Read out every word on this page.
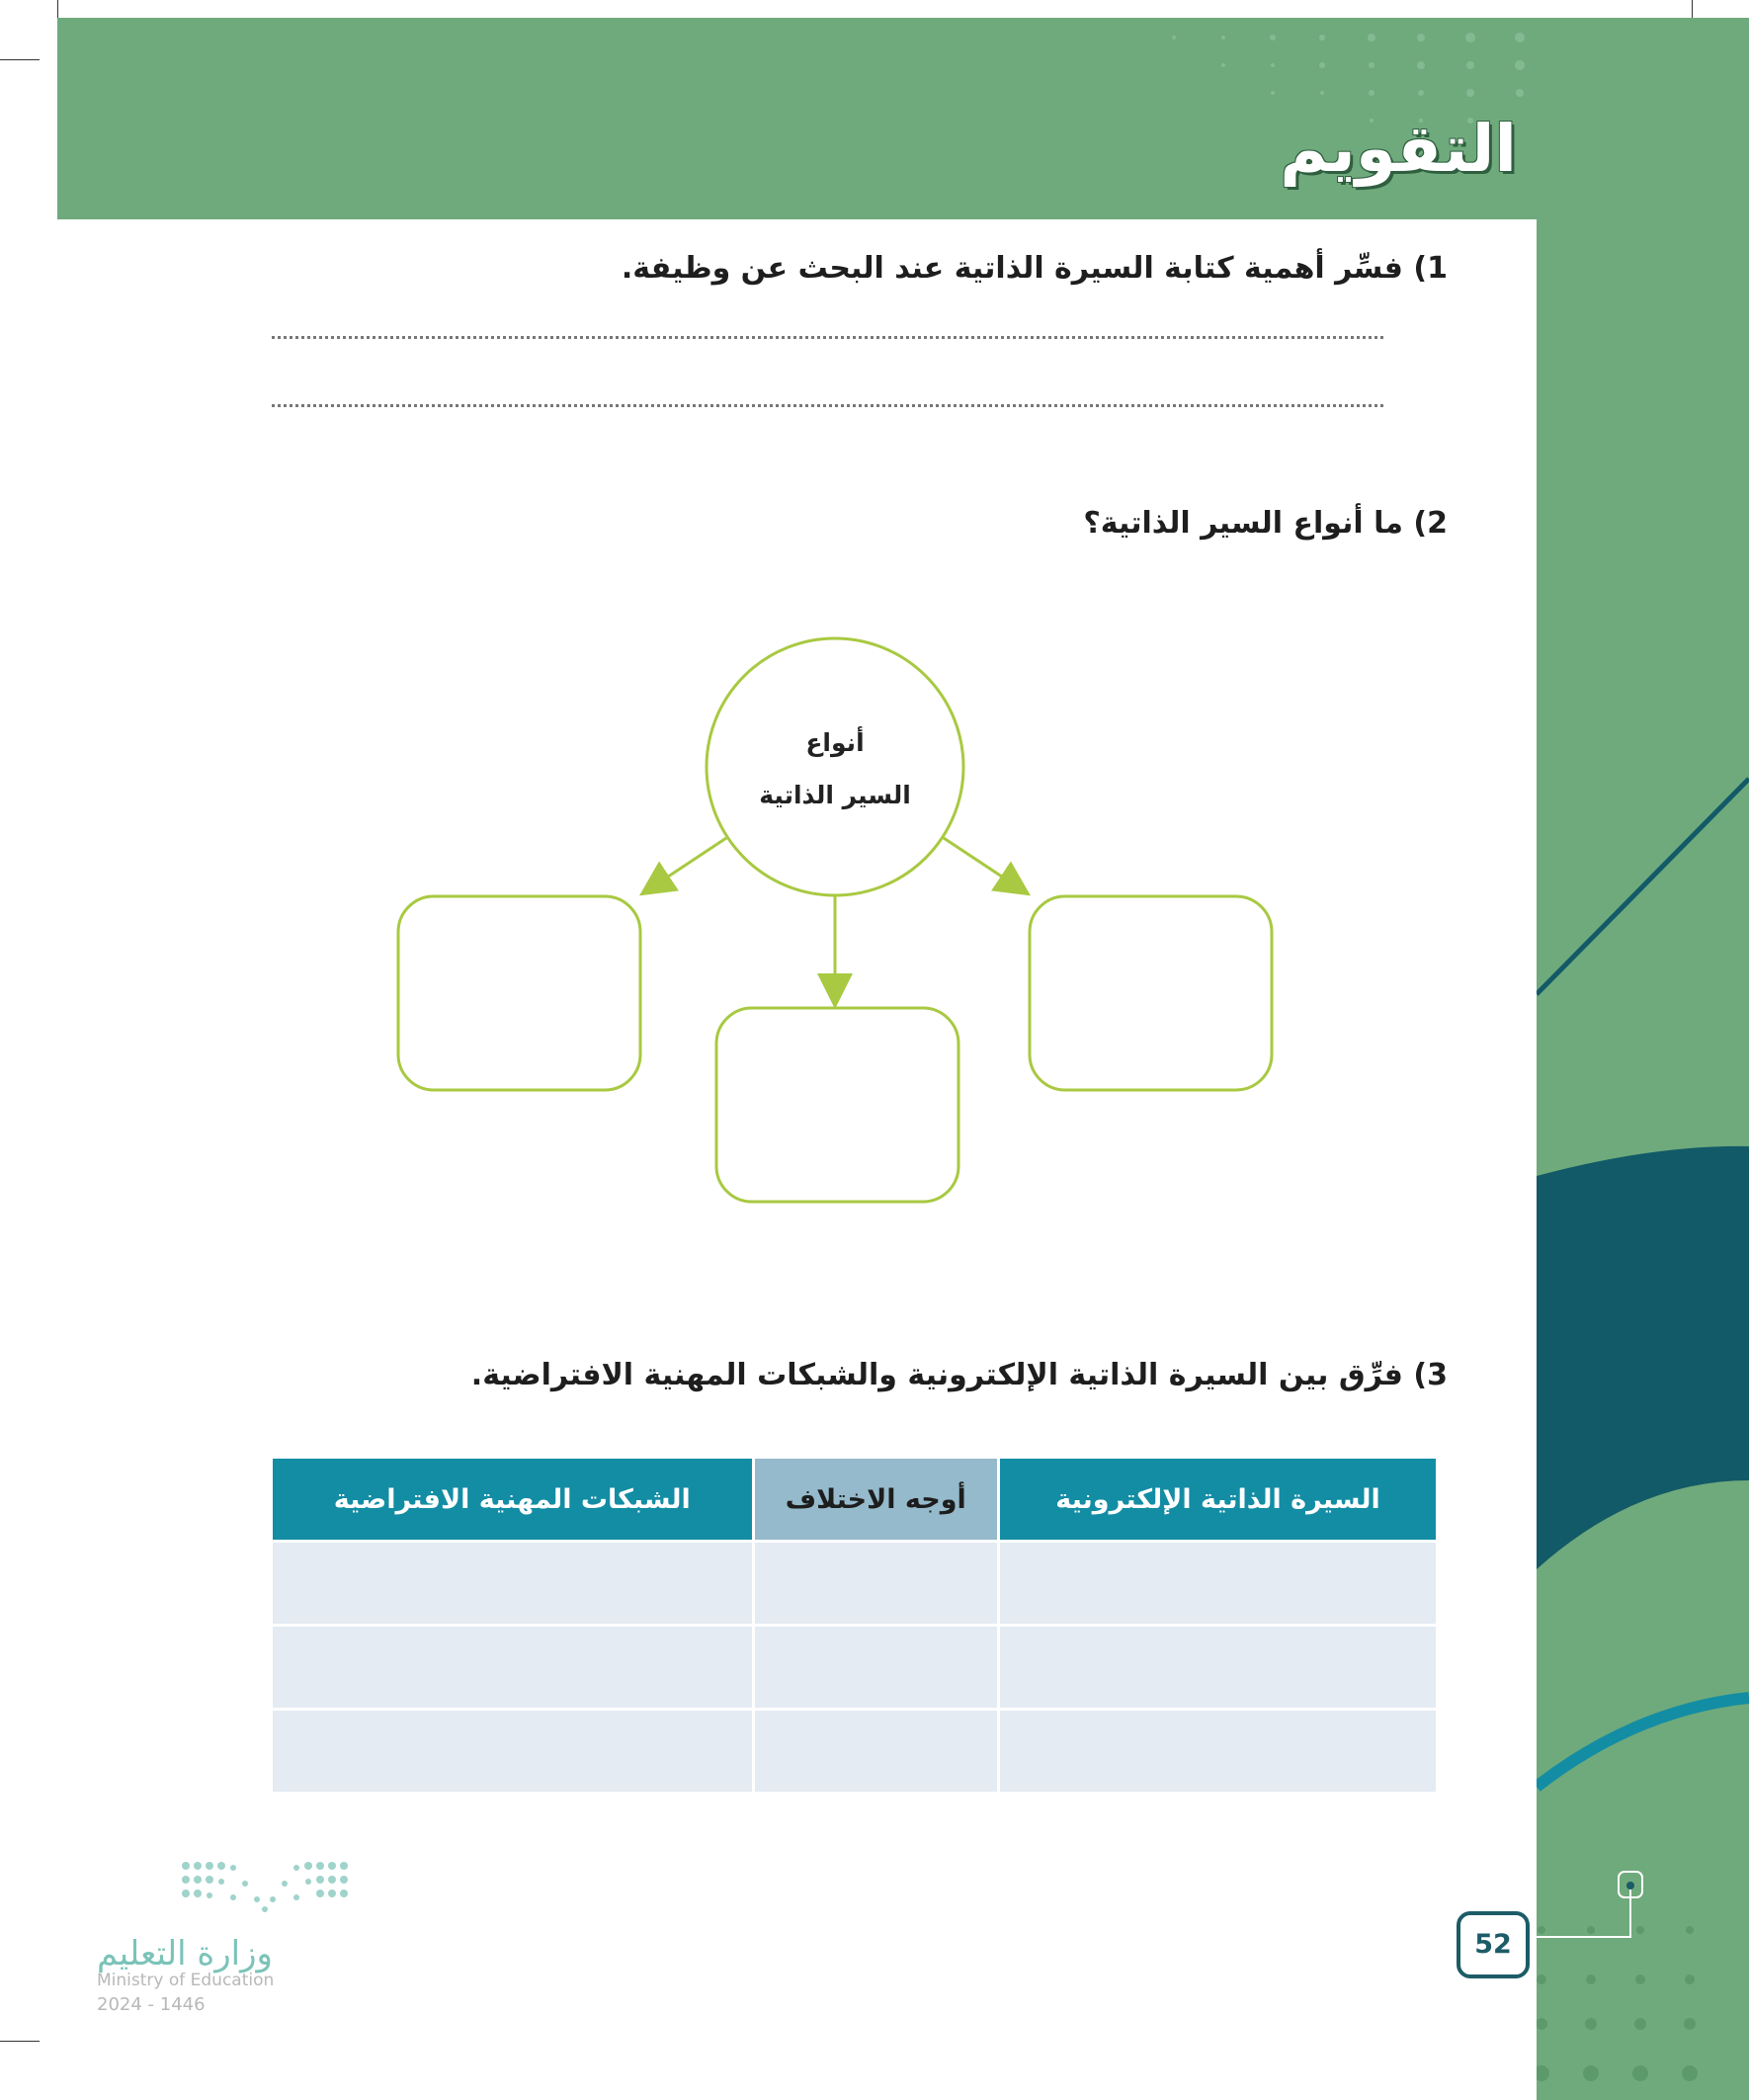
التقويم
1) فسِّر أهمية كتابة السيرة الذاتية عند البحث عن وظيفة.
2) ما أنواع السير الذاتية؟
أنواع
السير الذاتية
3) فرِّق بين السيرة الذاتية الإلكترونية والشبكات المهنية الافتراضية.
السيرة الذاتية الإلكترونية	أوجه الاختلاف	الشبكات المهنية الافتراضية

52
وزارة التعليم
Ministry of Education
2024 - 1446
